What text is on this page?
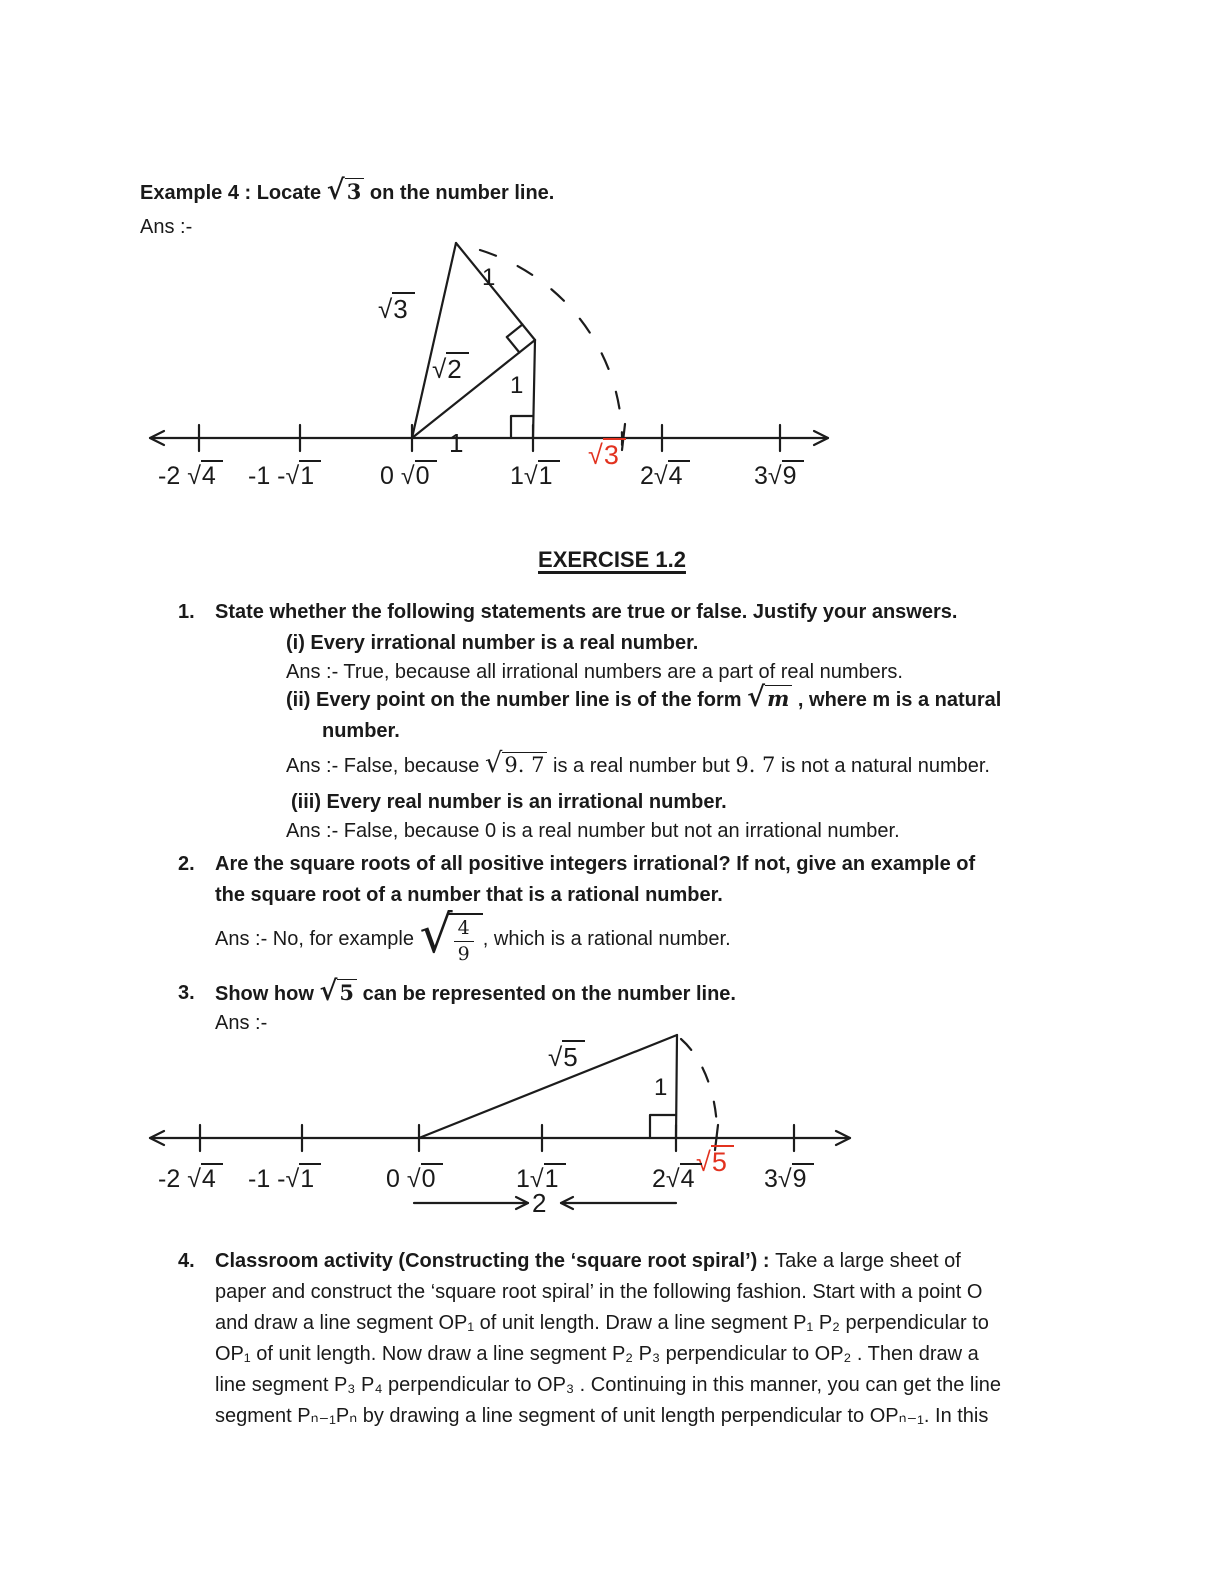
Example 4 : Locate √3 on the number line.
Ans :-
√3
√2
1
1
1	√3
-2 √4 -1 -√1	0 √0	1√1	2√4	3√9
EXERCISE 1.2
1. State whether the following statements are true or false. Justify your answers.
(i) Every irrational number is a real number.
Ans :- True, because all irrational numbers are a part of real numbers.
(ii) Every point on the number line is of the form √m , where m is a natural
number.
Ans :- False, because √9. 7 is a real number but 9. 7 is not a natural number.
(iii) Every real number is an irrational number.
Ans :- False, because 0 is a real number but not an irrational number.
2. Are the square roots of all positive integers irrational? If not, give an example of
the square root of a number that is a rational number.
Ans :- No, for example √
$\frac{4}{9}$ , which is a rational number.
3. Show how √5 can be represented on the number line.
Ans :-
√5
1
√5
2
-2 √4 -1 -√1	0 √0	1√1	2√4	3√9
4. Classroom activity (Constructing the ‘square root spiral’) : Take a large sheet of
paper and construct the ‘square root spiral’ in the following fashion. Start with a point O
and draw a line segment OP₁ of unit length. Draw a line segment P₁ P₂ perpendicular to
OP₁ of unit length. Now draw a line segment P₂ P₃ perpendicular to OP₂ . Then draw a
line segment P₃ P₄ perpendicular to OP₃ . Continuing in this manner, you can get the line
segment Pₙ₋₁Pₙ by drawing a line segment of unit length perpendicular to OPₙ₋₁. In this
